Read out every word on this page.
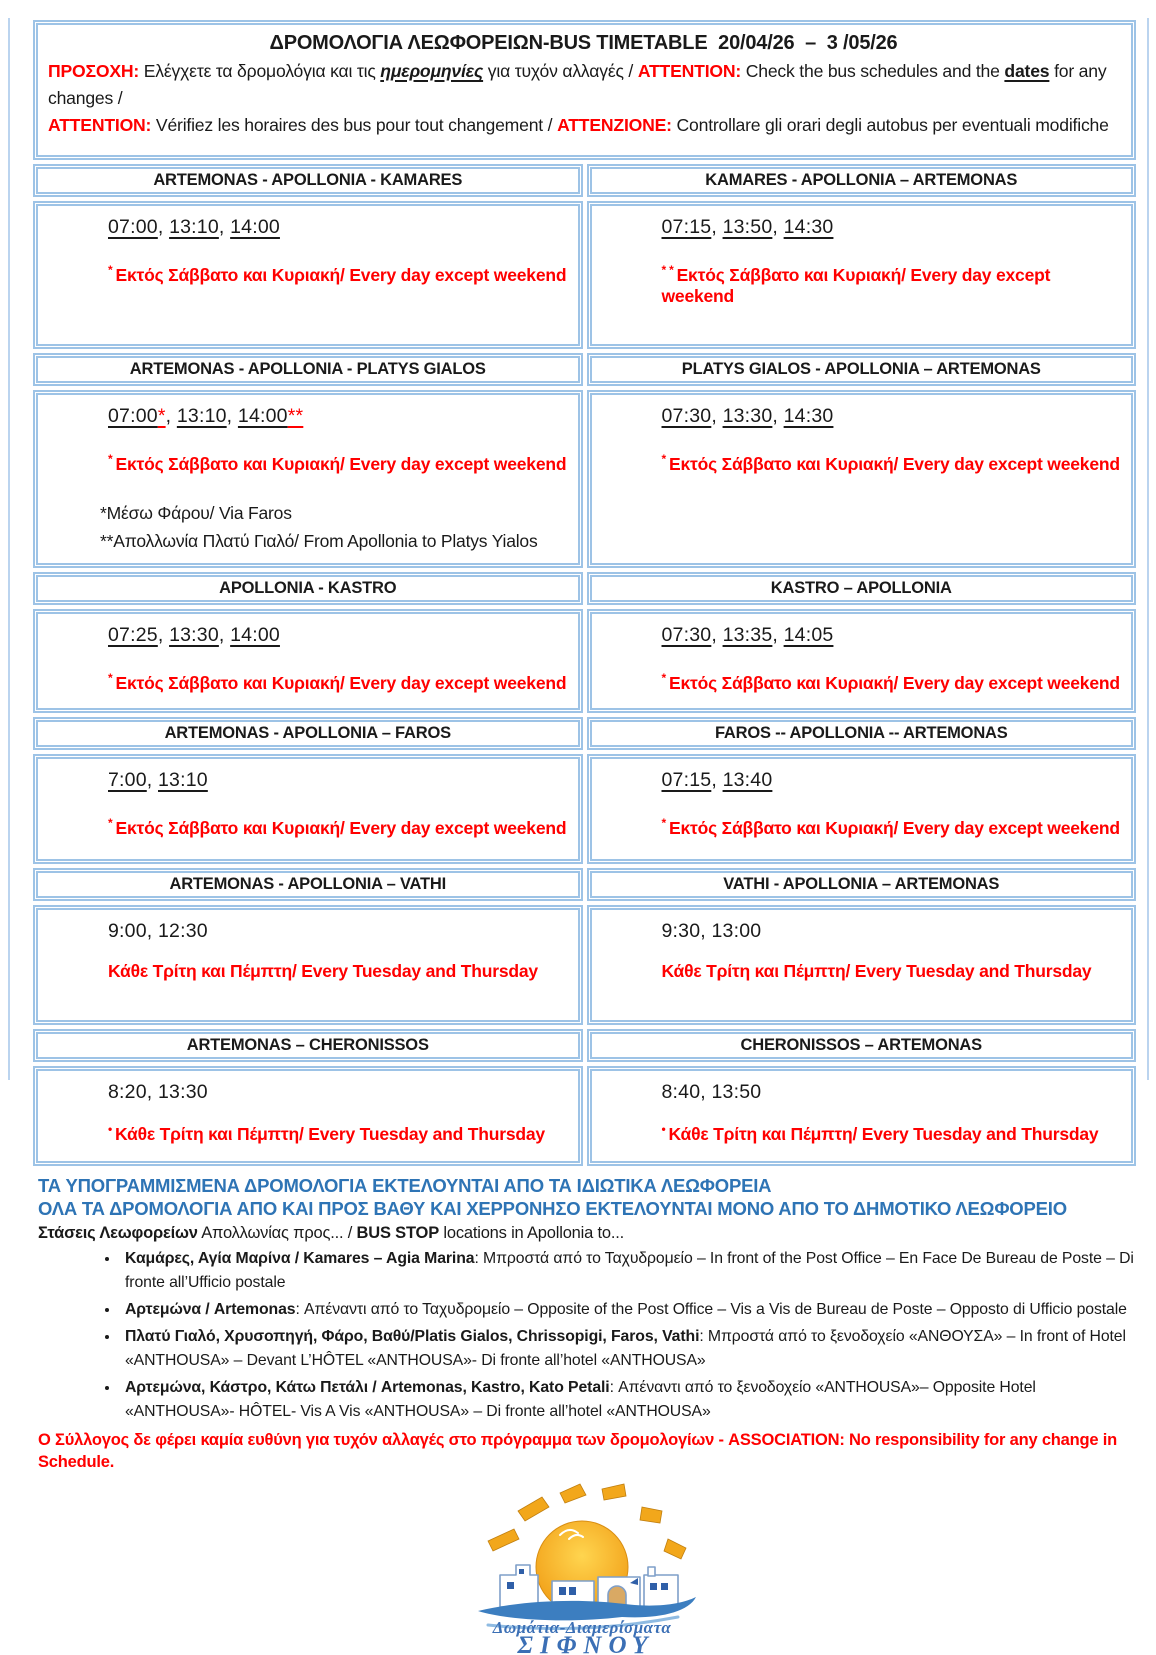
ΔΡΟΜΟΛΟΓΙΑ ΛΕΩΦΟΡΕΙΩΝ-BUS TIMETABLE  20/04/26  –  3 /05/26
ΠΡΟΣΟΧΗ: Ελέγχετε τα δρομολόγια και τις ημερομηνίες για τυχόν αλλαγές / ATTENTION: Check the bus schedules and the dates for any changes /
ATTENTION: Vérifiez les horaires des bus pour tout changement / ATTENZIONE: Controllare gli orari degli autobus per eventuali modifiche
ARTEMONAS - APOLLONIA - KAMARES	KAMARES - APOLLONIA – ARTEMONAS
07:00, 13:10, 14:00
* Εκτός Σάββατο και Κυριακή/ Every day except weekend
07:15, 13:50, 14:30
* * Εκτός Σάββατο και Κυριακή/ Every day except weekend
ARTEMONAS - APOLLONIA - PLATYS GIALOS	PLATYS GIALOS - APOLLONIA – ARTEMONAS
07:00*, 13:10, 14:00**
* Εκτός Σάββατο και Κυριακή/ Every day except weekend
*Μέσω Φάρου/ Via Faros
**Απολλωνία Πλατύ Γιαλό/ From Apollonia to Platys Yialos
07:30, 13:30, 14:30
* Εκτός Σάββατο και Κυριακή/ Every day except weekend
APOLLONIA - KASTRO	KASTRO – APOLLONIA
07:25, 13:30, 14:00
* Εκτός Σάββατο και Κυριακή/ Every day except weekend
07:30, 13:35, 14:05
* Εκτός Σάββατο και Κυριακή/ Every day except weekend
ARTEMONAS - APOLLONIA – FAROS	FAROS -- APOLLONIA -- ARTEMONAS
7:00, 13:10
* Εκτός Σάββατο και Κυριακή/ Every day except weekend
07:15, 13:40
* Εκτός Σάββατο και Κυριακή/ Every day except weekend
ARTEMONAS - APOLLONIA – VATHI	VATHI - APOLLONIA – ARTEMONAS
9:00, 12:30
Κάθε Τρίτη και Πέμπτη/ Every Tuesday and Thursday
9:30, 13:00
Κάθε Τρίτη και Πέμπτη/ Every Tuesday and Thursday
ARTEMONAS – CHERONISSOS	CHERONISSOS – ARTEMONAS
8:20, 13:30
• Κάθε Τρίτη και Πέμπτη/ Every Tuesday and Thursday
8:40, 13:50
• Κάθε Τρίτη και Πέμπτη/ Every Tuesday and Thursday
ΤΑ ΥΠΟΓΡΑΜΜΙΣΜΕΝΑ ΔΡΟΜΟΛΟΓΙΑ ΕΚΤΕΛΟΥΝΤΑΙ ΑΠΟ ΤΑ ΙΔΙΩΤΙΚΑ ΛΕΩΦΟΡΕΙΑ
ΟΛΑ ΤΑ ΔΡΟΜΟΛΟΓΙΑ ΑΠΟ ΚΑΙ ΠΡΟΣ ΒΑΘΥ ΚΑΙ ΧΕΡΡΟΝΗΣΟ ΕΚΤΕΛΟΥΝΤΑΙ ΜΟΝΟ ΑΠΟ ΤΟ ΔΗΜΟΤΙΚΟ ΛΕΩΦΟΡΕΙΟ
Στάσεις Λεωφορείων Απολλωνίας προς... / BUS STOP locations in Apollonia to...
• Καμάρες, Αγία Μαρίνα / Kamares – Agia Marina: Μπροστά από το Ταχυδρομείο – In front of the Post Office – En Face De Bureau de Poste – Di fronte all’Ufficio postale
• Αρτεμώνα / Artemonas: Απέναντι από το Ταχυδρομείο – Opposite of the Post Office – Vis a Vis de Bureau de Poste – Opposto di Ufficio postale
• Πλατύ Γιαλό, Χρυσοπηγή, Φάρο, Βαθύ/Platis Gialos, Chrissopigi, Faros, Vathi: Μπροστά από το ξενοδοχείο «ΑΝΘΟΥΣΑ» – In front of Hotel «ANTHOUSA» – Devant L’HÔTEL «ANTHOUSA»- Di fronte all’hotel «ANTHOUSA»
• Αρτεμώνα, Κάστρο, Κάτω Πετάλι / Artemonas, Kastro, Kato Petali: Απέναντι από το ξενοδοχείο «ANTHOUSA»– Opposite Hotel «ANTHOUSA»- HÔTEL- Vis A Vis «ANTHOUSA» – Di fronte all’hotel «ANTHOUSA»
Ο Σύλλογος δε φέρει καμία ευθύνη για τυχόν αλλαγές στο πρόγραμμα των δρομολογίων - ASSOCIATION: No responsibility for any change in Schedule.
Δωμάτια-Διαμερίσματα
ΣΙΦΝΟΥ
